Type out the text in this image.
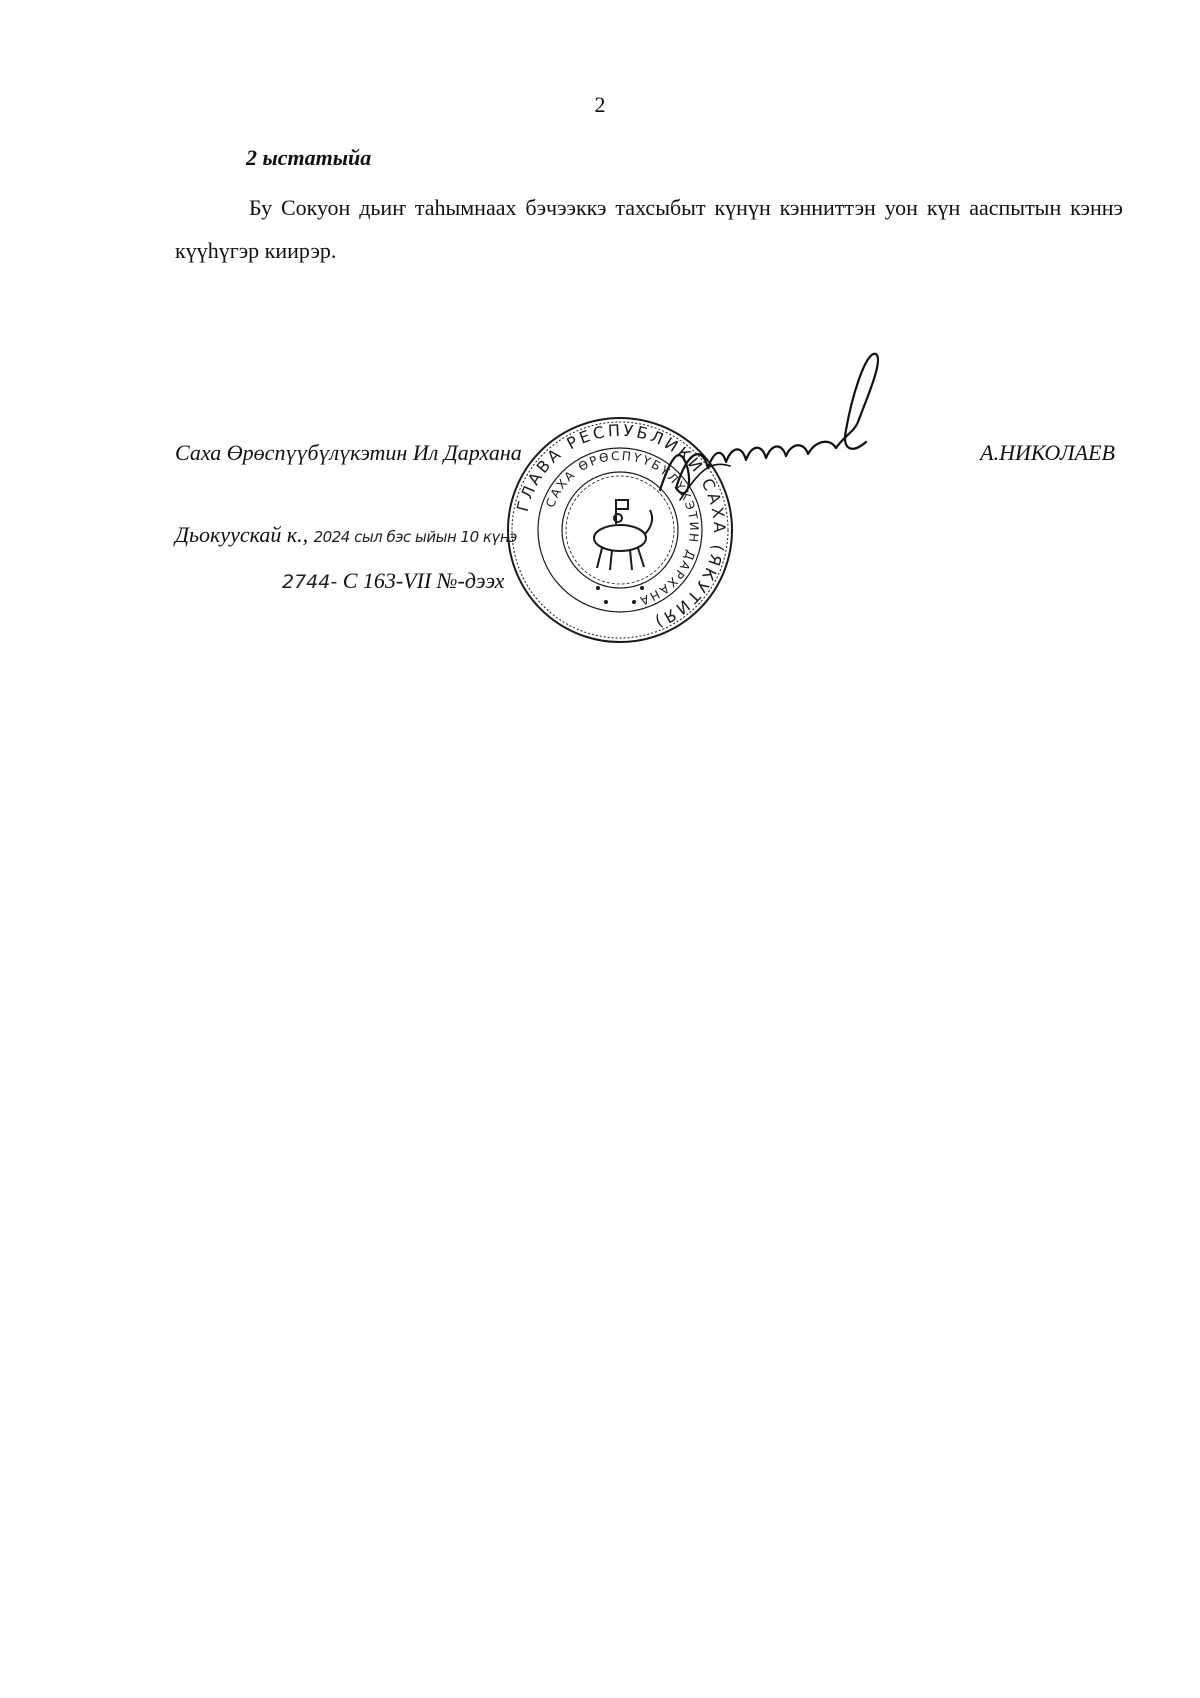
2
2 ыстатыйа

Бу Сокуон дьиҥ таһымнаах бэчээккэ тахсыбыт күнүн кэнниттэн уон күн ааспытын кэннэ күүһүгэр киирэр.

Саха Өрөспүүбүлүкэтин Ил Дархана	А.НИКОЛАЕВ
Дьокуускай к., 2024 сыл бэс ыйын 10 күнэ
2744- С 163-VII №-дээх
ГЛАВА РЕСПУБЛИКИ САХА (ЯКУТИЯ)
САХА ӨРӨСПҮҮБҮЛҮКЭТИН ДАРХАНА
